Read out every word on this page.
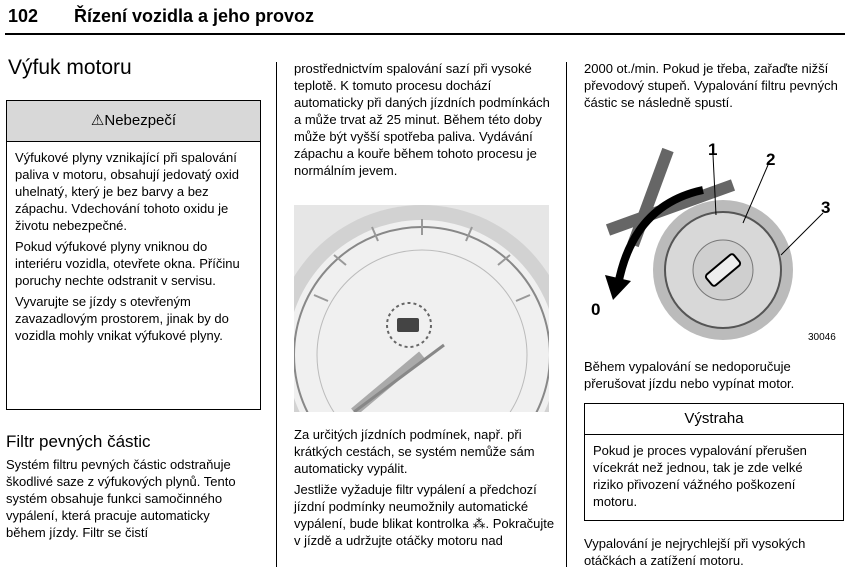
102 Řízení vozidla a jeho provoz
Výfuk motoru
⚠Nebezpečí

Výfukové plyny vznikající při spalování paliva v motoru, obsahují jedovatý oxid uhelnatý, který je bez barvy a bez zápachu. Vdechování tohoto oxidu je životu nebezpečné.

Pokud výfukové plyny vniknou do interiéru vozidla, otevřete okna. Příčinu poruchy nechte odstranit v servisu.

Vyvarujte se jízdy s otevřeným zavazadlovým prostorem, jinak by do vozidla mohly vnikat výfukové plyny.

Filtr pevných částic

Systém filtru pevných částic odstraňuje škodlivé saze z výfukových plynů. Tento systém obsahuje funkci samočinného vypálení, která pracuje automaticky během jízdy. Filtr se čistí

prostřednictvím spalování sazí při vysoké teplotě. K tomuto procesu dochází automaticky při daných jízdních podmínkách a může trvat až 25 minut. Během této doby může být vyšší spotřeba paliva. Vydávání zápachu a kouře během tohoto procesu je normálním jevem.

Za určitých jízdních podmínek, např. při krátkých cestách, se systém nemůže sám automaticky vypálit.

Jestliže vyžaduje filtr vypálení a předchozí jízdní podmínky neumožnily automatické vypálení, bude blikat kontrolka ⁂. Pokračujte v jízdě a udržujte otáčky motoru nad

2000 ot./min. Pokud je třeba, zařaďte nižší převodový stupeň. Vypalování filtru pevných částic se následně spustí.

1
2
3
0
30046

Během vypalování se nedoporučuje přerušovat jízdu nebo vypínat motor.

Výstraha

Pokud je proces vypalování přerušen vícekrát než jednou, tak je zde velké riziko přivození vážného poškození motoru.

Vypalování je nejrychlejší při vysokých otáčkách a zatížení motoru.
